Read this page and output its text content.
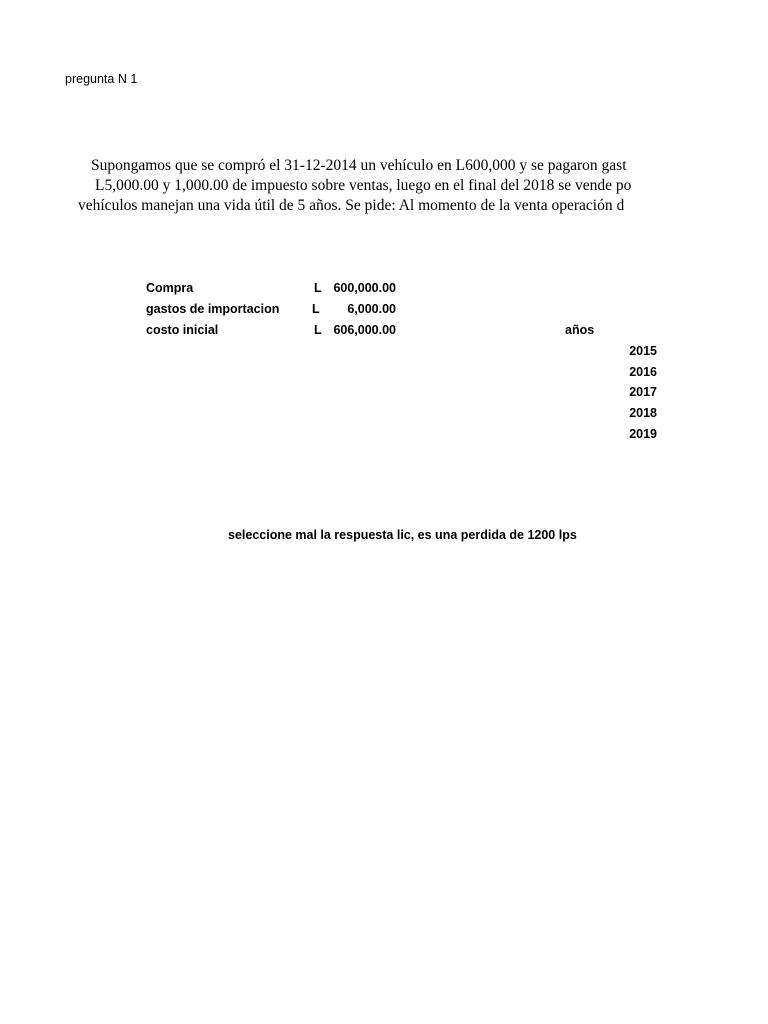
pregunta N 1
Supongamos que se compró el 31-12-2014 un vehículo en L600,000 y se pagaron gast
L5,000.00 y 1,000.00 de impuesto sobre ventas, luego en el final del 2018 se vende po
vehículos manejan una vida útil de 5 años. Se pide: Al momento de la venta operación d
Compra	L 600,000.00
gastos de importacion	L	6,000.00
costo inicial	L 606,000.00	años
2015
2016
2017
2018
2019
seleccione mal la respuesta lic, es una perdida de 1200 lps
